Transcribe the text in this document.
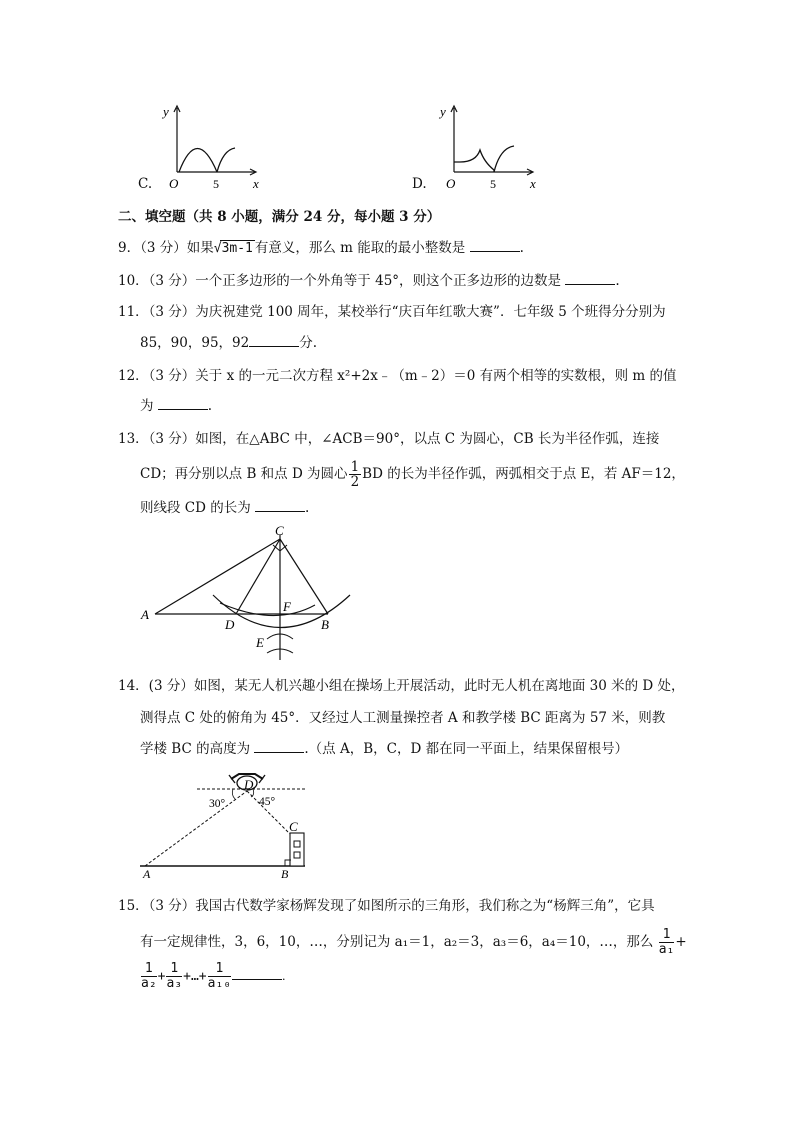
C.
y
x
O	5	D.
y
x
O	5
二、填空题（共 8 小题，满分 24 分，每小题 3 分）
9．（3 分）如果√3m-1 有意义，那么 m 能取的最小整数是	.
10．（3 分）一个正多边形的一个外角等于 45°，则这个正多边形的边数是	.
11．（3 分）为庆祝建党 100 周年，某校举行“庆百年红歌大赛”．七年级 5 个班得分分别为
85，90，95，92	分.
12．（3 分）关于 x 的一元二次方程 x²+2x﹣（m﹣2）＝0 有两个相等的实数根，则 m 的值
为	.
13．（3 分）如图，在△ABC 中，∠ACB＝90°，以点 C 为圆心，CB 长为半径作弧，连接
CD；再分别以点 B 和点 D 为圆心 $\frac{1}{2}$ BD 的长为半径作弧，两弧相交于点 E，若 AF＝12，
则线段 CD 的长为	.
C
A
D
F
B
E
14．(3 分）如图，某无人机兴趣小组在操场上开展活动，此时无人机在离地面 30 米的 D 处，
测得点 C 处的俯角为 45°．又经过人工测量操控者 A 和教学楼 BC 距离为 57 米，则教
学楼 BC 的高度为	.（点 A，B，C，D 都在同一平面上，结果保留根号）
D
30°	45°
C
A	B
15．（3 分）我国古代数学家杨辉发现了如图所示的三角形，我们称之为“杨辉三角”，它具
有一定规律性，3，6，10，…，分别记为 a₁＝1，a₂＝3，a₃＝6，a₄＝10，…，那么 $\frac{1}{\text{a₁}}$ +
$\frac{1}{\text{a₂}} + \frac{1}{\text{a₃}}$ +…+ $\frac{1}{\text{a₁₀}}$	.
